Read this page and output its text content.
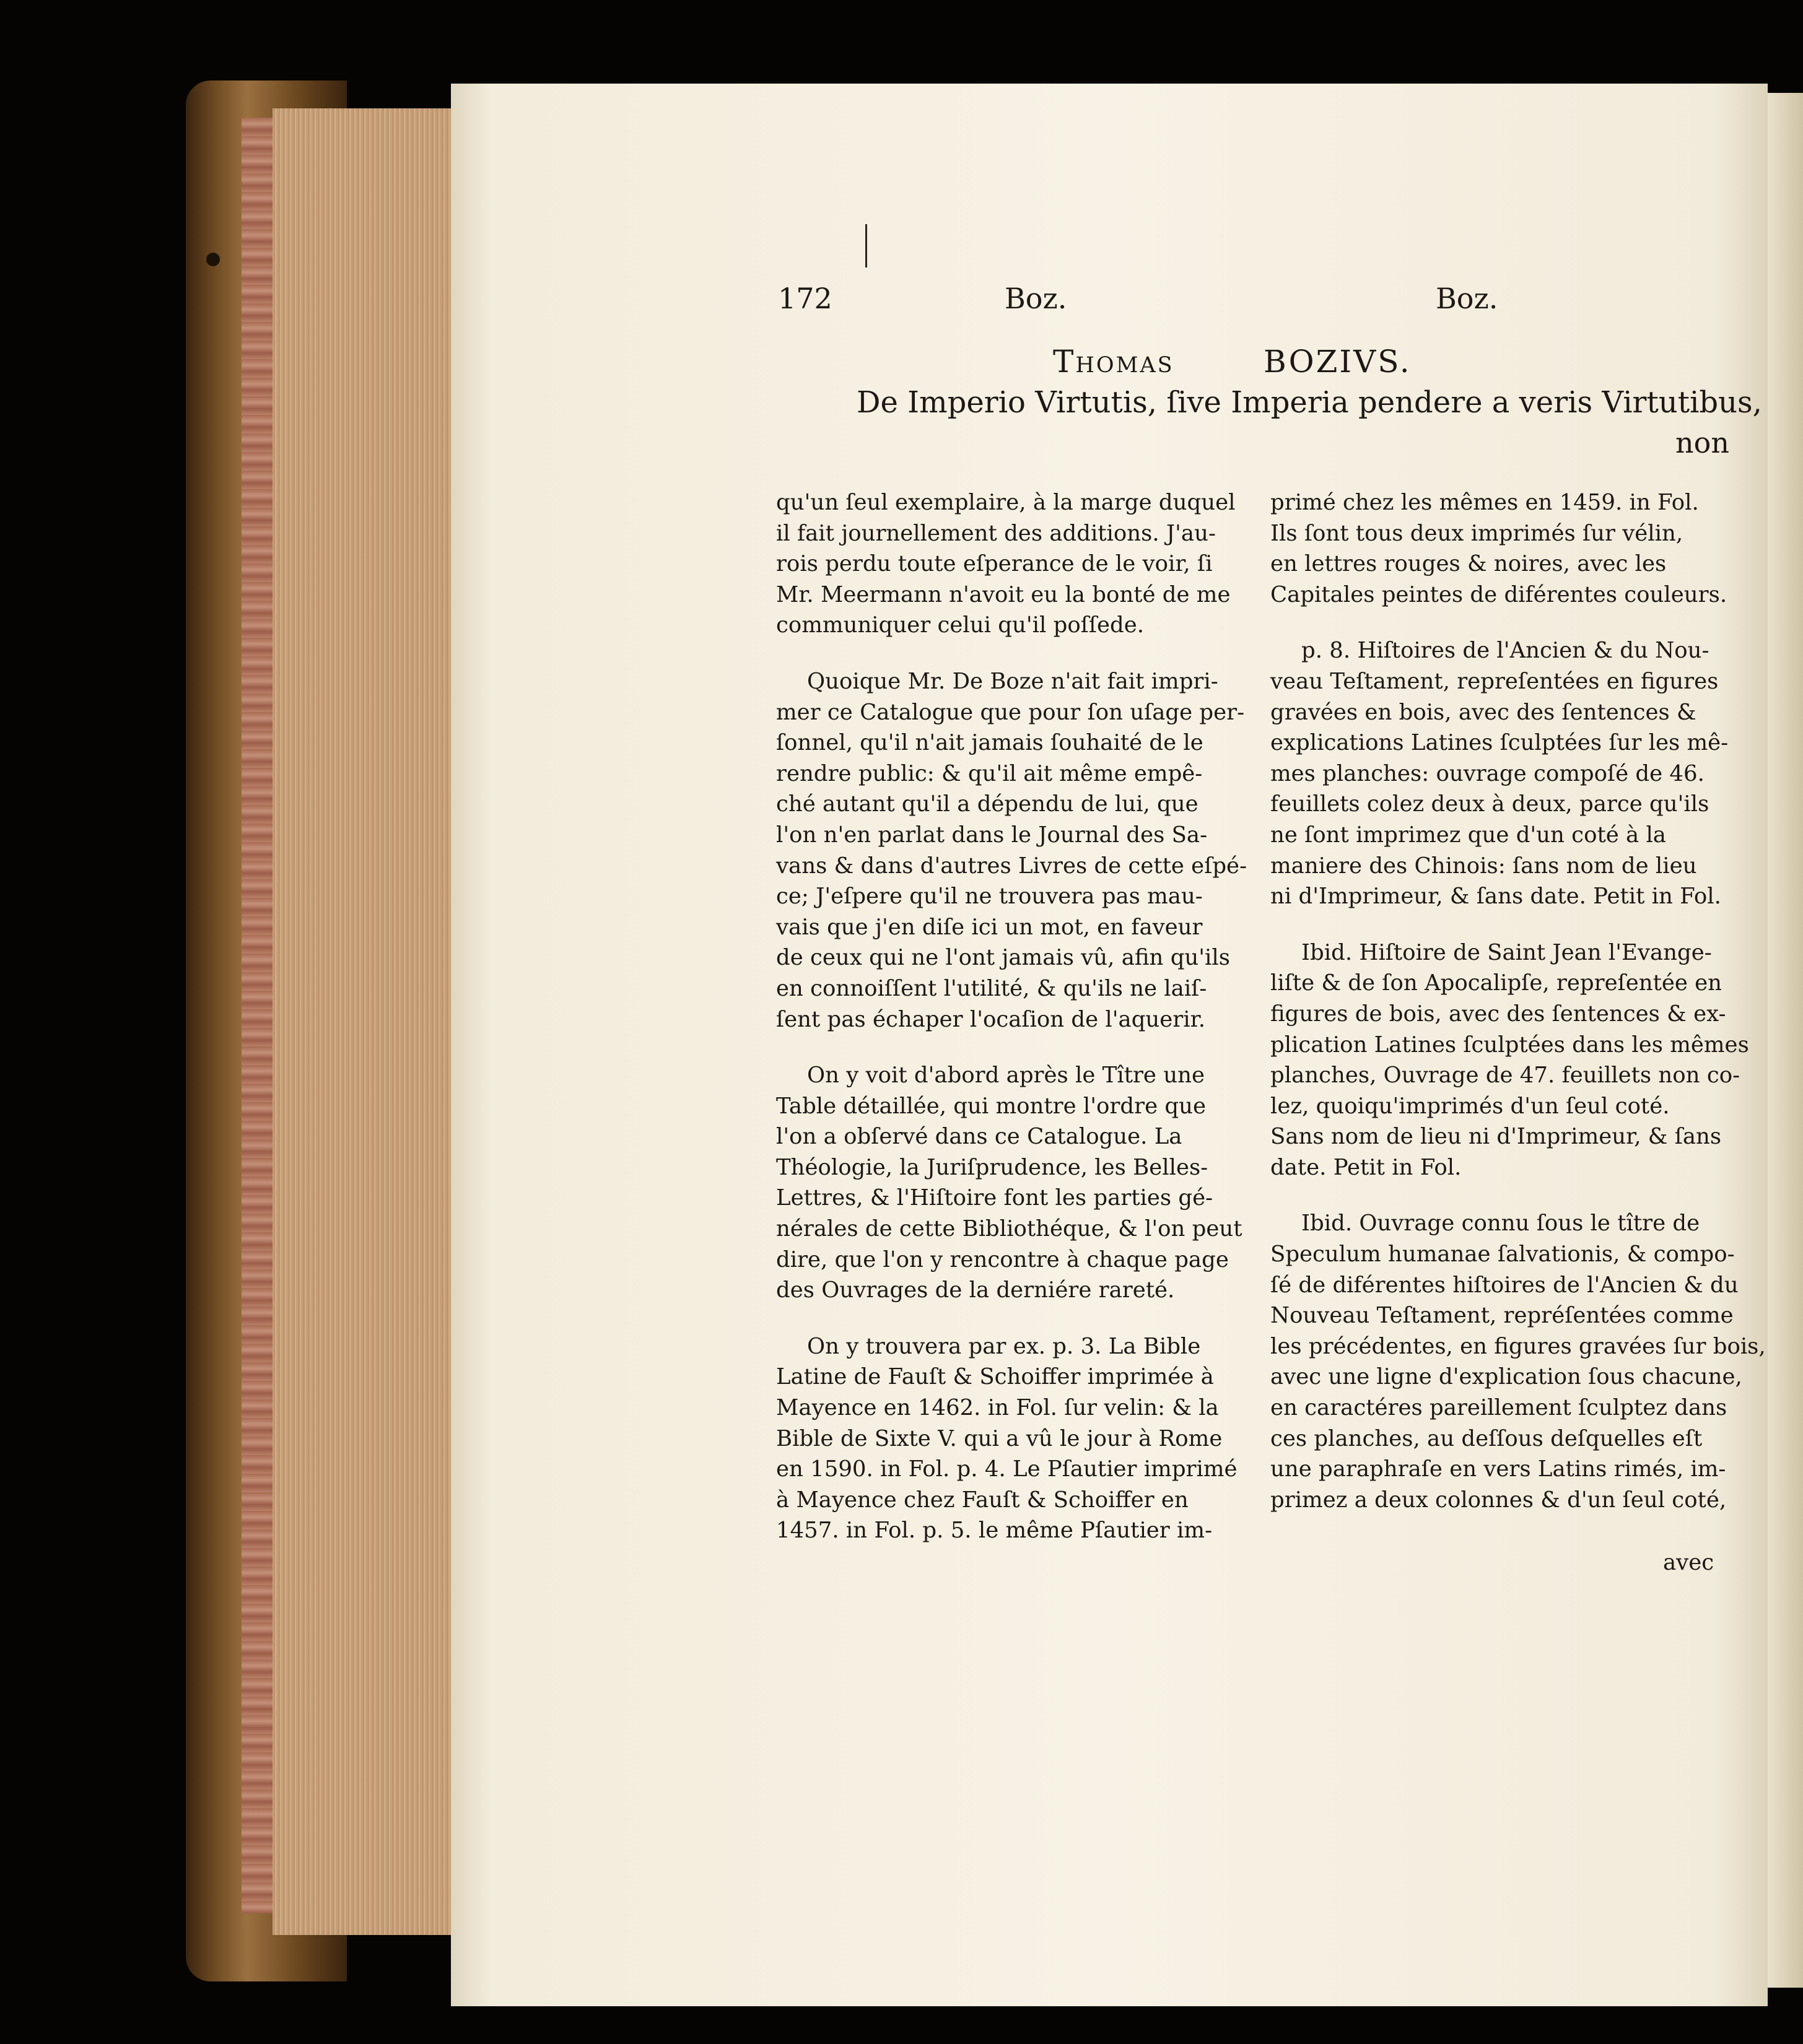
172	Boz.	Boz.
Thomas	BOZIVS.
De Imperio Virtutis, ſive Imperia pendere a veris Virtutibus,
non

qu'un ſeul exemplaire, à la marge duquel

il fait journellement des additions. J'au-

rois perdu toute eſperance de le voir, ſi

Mr. Meermann n'avoit eu la bonté de me

communiquer celui qu'il poſſede.

Quoique Mr. De Boze n'ait fait impri-

mer ce Catalogue que pour ſon uſage per-

ſonnel, qu'il n'ait jamais ſouhaité de le

rendre public: & qu'il ait même empê-

ché autant qu'il a dépendu de lui, que

l'on n'en parlat dans le Journal des Sa-

vans & dans d'autres Livres de cette eſpé-

ce; J'eſpere qu'il ne trouvera pas mau-

vais que j'en diſe ici un mot, en faveur

de ceux qui ne l'ont jamais vû, afin qu'ils

en connoiſſent l'utilité, & qu'ils ne laiſ-

ſent pas échaper l'ocaſion de l'aquerir.

On y voit d'abord après le Tître une

Table détaillée, qui montre l'ordre que

l'on a obſervé dans ce Catalogue. La

Théologie, la Juriſprudence, les Belles-

Lettres, & l'Hiſtoire font les parties gé-

nérales de cette Bibliothéque, & l'on peut

dire, que l'on y rencontre à chaque page

des Ouvrages de la derniére rareté.

On y trouvera par ex. p. 3. La Bible

Latine de Fauſt & Schoiffer imprimée à

Mayence en 1462. in Fol. ſur velin: & la

Bible de Sixte V. qui a vû le jour à Rome

en 1590. in Fol. p. 4. Le Pſautier imprimé

à Mayence chez Fauſt & Schoiffer en

1457. in Fol. p. 5. le même Pſautier im-

primé chez les mêmes en 1459. in Fol.

Ils ſont tous deux imprimés ſur vélin,

en lettres rouges & noires, avec les

Capitales peintes de diférentes couleurs.

p. 8. Hiſtoires de l'Ancien & du Nou-

veau Teſtament, repreſentées en figures

gravées en bois, avec des ſentences &

explications Latines ſculptées ſur les mê-

mes planches: ouvrage compoſé de 46.

feuillets colez deux à deux, parce qu'ils

ne ſont imprimez que d'un coté à la

maniere des Chinois: ſans nom de lieu

ni d'Imprimeur, & ſans date. Petit in Fol.

Ibid. Hiſtoire de Saint Jean l'Evange-

liſte & de ſon Apocalipſe, repreſentée en

figures de bois, avec des ſentences & ex-

plication Latines ſculptées dans les mêmes

planches, Ouvrage de 47. feuillets non co-

lez, quoiqu'imprimés d'un ſeul coté.

Sans nom de lieu ni d'Imprimeur, & ſans

date. Petit in Fol.

Ibid. Ouvrage connu ſous le tître de

Speculum humanae ſalvationis, & compo-

ſé de diférentes hiſtoires de l'Ancien & du

Nouveau Teſtament, repréſentées comme

les précédentes, en figures gravées ſur bois,

avec une ligne d'explication ſous chacune,

en caractéres pareillement ſculptez dans

ces planches, au deſſous deſquelles eſt

une paraphraſe en vers Latins rimés, im-

primez a deux colonnes & d'un ſeul coté,

avec
